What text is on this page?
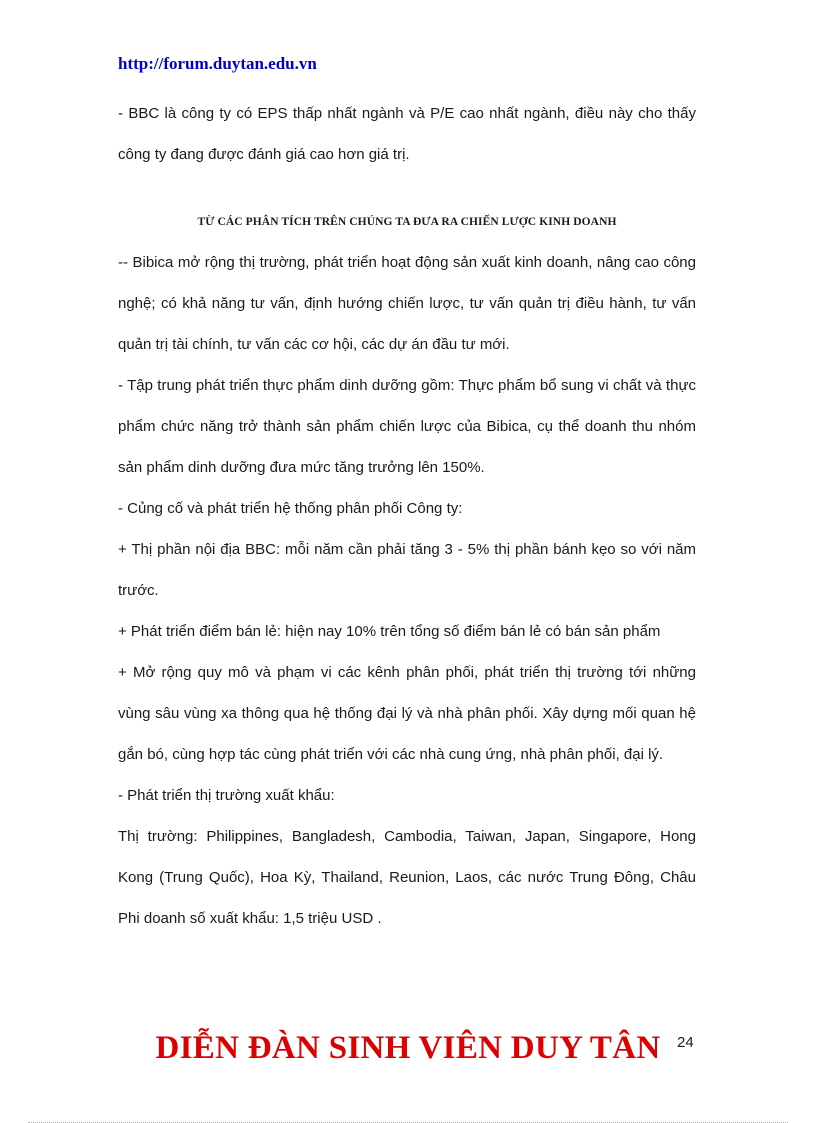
http://forum.duytan.edu.vn

- BBC là công ty có EPS thấp nhất ngành và P/E cao nhất ngành, điều này cho thấy công ty đang được đánh giá cao hơn giá trị.

TỪ CÁC PHÂN TÍCH TRÊN CHÚNG TA ĐƯA RA CHIẾN LƯỢC KINH DOANH

-- Bibica mở rộng thị trường, phát triển hoạt động sản xuất kinh doanh, nâng cao công nghệ; có khả năng tư vấn, định hướng chiến lược, tư vấn quản trị điều hành, tư vấn quản trị tài chính, tư vấn các cơ hội, các dự án đầu tư mới.

- Tập trung phát triển thực phẩm dinh dưỡng gồm: Thực phẩm bổ sung vi chất và thực phẩm chức năng trở thành sản phẩm chiến lược của Bibica, cụ thể doanh thu nhóm sản phẩm dinh dưỡng đưa mức tăng trưởng lên 150%.

- Củng cố và phát triển hệ thống phân phối Công ty:

+ Thị phần nội địa BBC: mỗi năm cần phải tăng 3 - 5% thị phần bánh kẹo so với năm trước.

+ Phát triển điểm bán lẻ: hiện nay 10% trên tổng số điểm bán lẻ có bán sản phẩm

+ Mở rộng quy mô và phạm vi các kênh phân phối, phát triển thị trường tới những vùng sâu vùng xa thông qua hệ thống đại lý và nhà phân phối. Xây dựng mối quan hệ gắn bó, cùng hợp tác cùng phát triển với các nhà cung ứng, nhà phân phối, đại lý.

- Phát triển thị trường xuất khẩu:

Thị trường: Philippines, Bangladesh, Cambodia, Taiwan, Japan, Singapore, Hong Kong (Trung Quốc), Hoa Kỳ, Thailand, Reunion, Laos, các nước Trung Đông, Châu Phi doanh số xuất khẩu: 1,5 triệu USD .

DIỄN ĐÀN SINH VIÊN DUY TÂN	24
